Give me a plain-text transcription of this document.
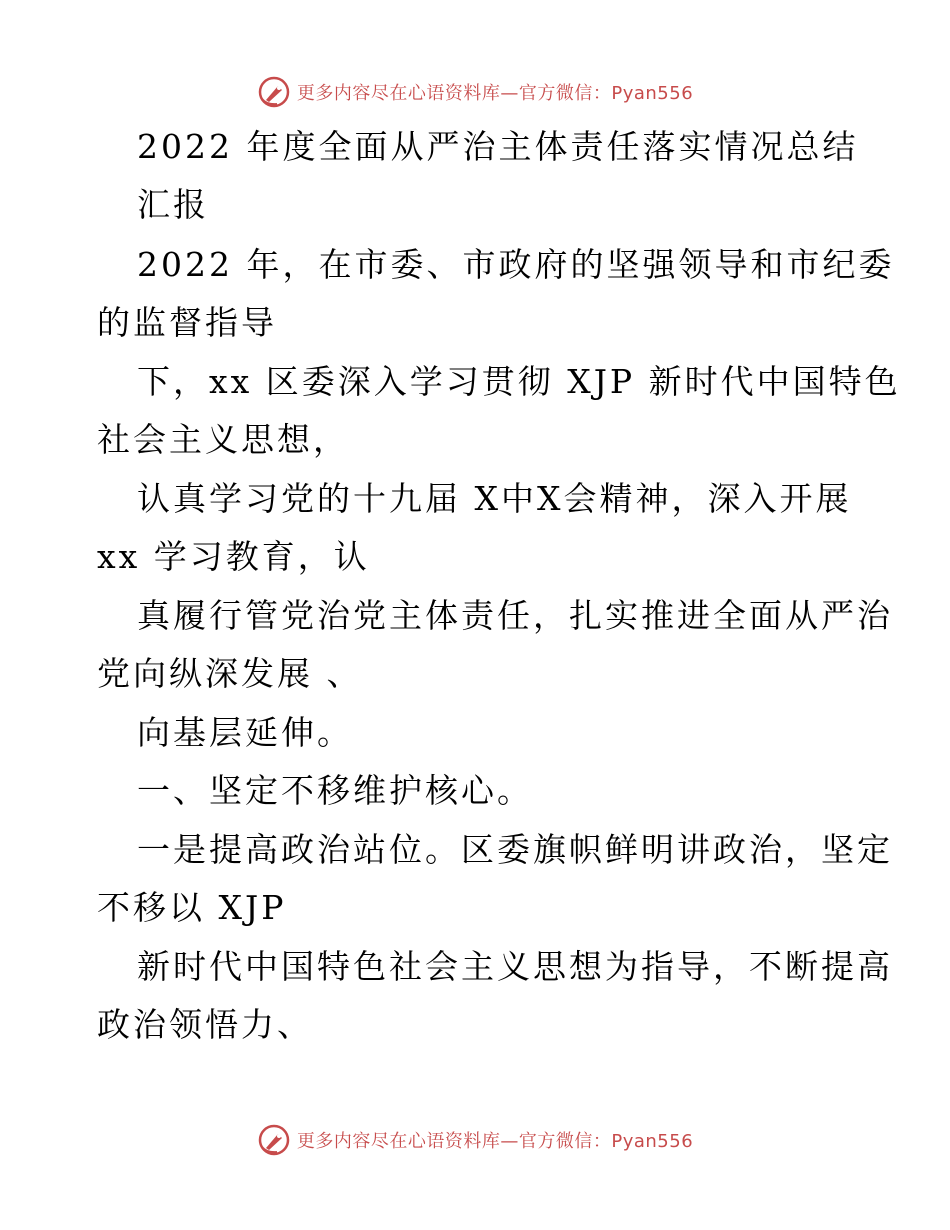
更多内容尽在心语资料库—官方微信：Pyan556
2022 年度全面从严治主体责任落实情况总结
汇报
2022 年，在市委、市政府的坚强领导和市纪委
的监督指导
下，xx 区委深入学习贯彻 XJP 新时代中国特色
社会主义思想，
认真学习党的十九届 X中X会精神，深入开展
xx 学习教育，认
真履行管党治党主体责任，扎实推进全面从严治
党向纵深发展 、
向基层延伸。
一、坚定不移维护核心。
一是提高政治站位。区委旗帜鲜明讲政治，坚定
不移以 XJP
新时代中国特色社会主义思想为指导，不断提高
政治领悟力、
更多内容尽在心语资料库—官方微信：Pyan556
